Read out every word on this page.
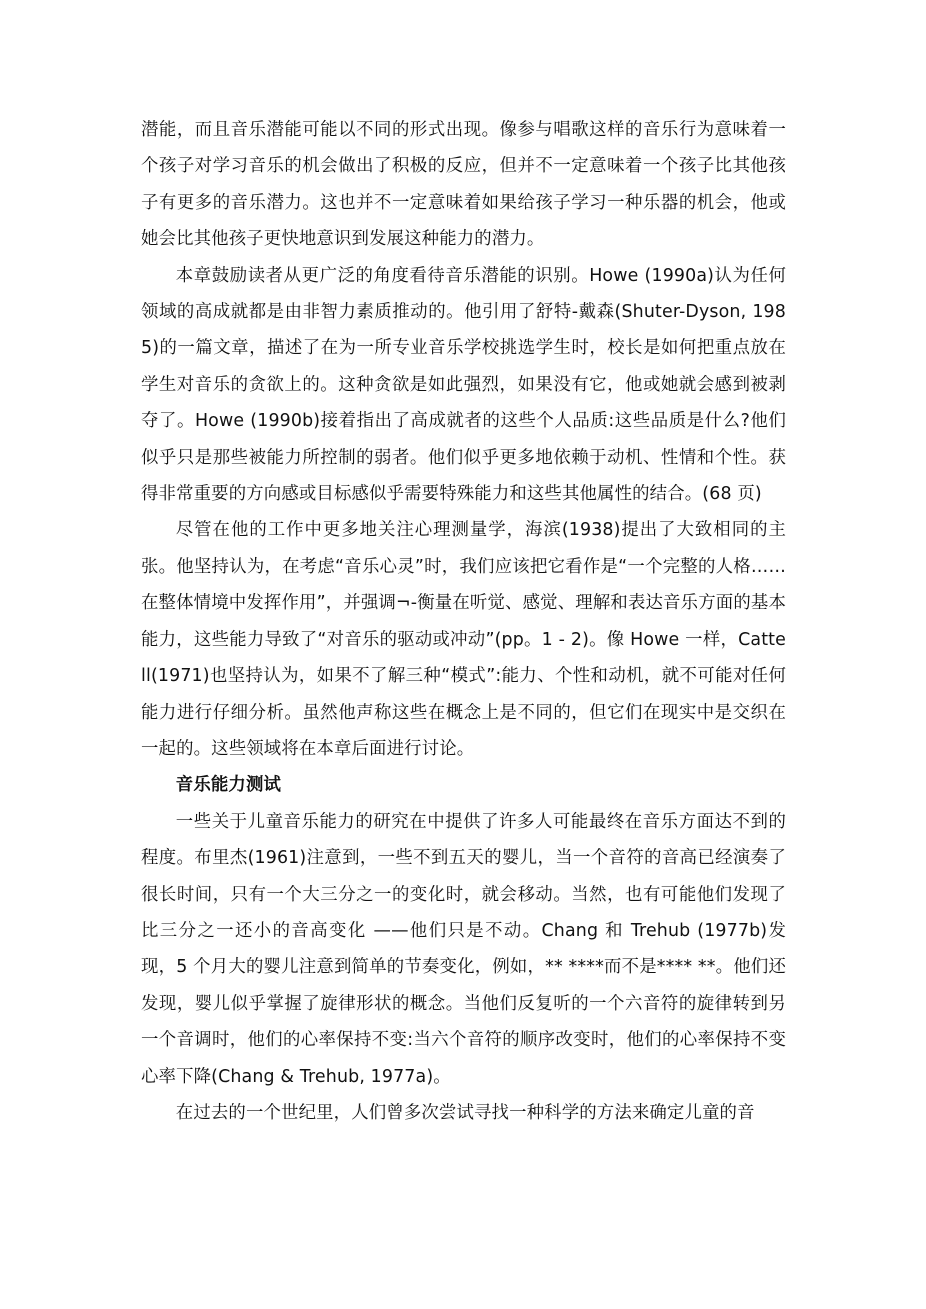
潜能，而且音乐潜能可能以不同的形式出现。像参与唱歌这样的音乐行为意味着一个孩子对学习音乐的机会做出了积极的反应，但并不一定意味着一个孩子比其他孩子有更多的音乐潜力。这也并不一定意味着如果给孩子学习一种乐器的机会，他或她会比其他孩子更快地意识到发展这种能力的潜力。

本章鼓励读者从更广泛的角度看待音乐潜能的识别。Howe (1990a)认为任何领域的高成就都是由非智力素质推动的。他引用了舒特-戴森(Shuter-Dyson, 1985)的一篇文章，描述了在为一所专业音乐学校挑选学生时，校长是如何把重点放在学生对音乐的贪欲上的。这种贪欲是如此强烈，如果没有它，他或她就会感到被剥夺了。Howe (1990b)接着指出了高成就者的这些个人品质:这些品质是什么?他们似乎只是那些被能力所控制的弱者。他们似乎更多地依赖于动机、性情和个性。获得非常重要的方向感或目标感似乎需要特殊能力和这些其他属性的结合。(68 页)

尽管在他的工作中更多地关注心理测量学，海滨(1938)提出了大致相同的主张。他坚持认为，在考虑“音乐心灵”时，我们应该把它看作是“一个完整的人格……在整体情境中发挥作用”，并强调¬-衡量在听觉、感觉、理解和表达音乐方面的基本能力，这些能力导致了“对音乐的驱动或冲动”(pp。1 - 2)。像 Howe 一样，Cattell(1971)也坚持认为，如果不了解三种“模式”:能力、个性和动机，就不可能对任何能力进行仔细分析。虽然他声称这些在概念上是不同的，但它们在现实中是交织在一起的。这些领域将在本章后面进行讨论。

音乐能力测试

一些关于儿童音乐能力的研究在中提供了许多人可能最终在音乐方面达不到的程度。布里杰(1961)注意到，一些不到五天的婴儿，当一个音符的音高已经演奏了很长时间，只有一个大三分之一的变化时，就会移动。当然，也有可能他们发现了比三分之一还小的音高变化 ——他们只是不动。Chang 和 Trehub (1977b)发现，5 个月大的婴儿注意到简单的节奏变化，例如，** ****而不是**** **。他们还发现，婴儿似乎掌握了旋律形状的概念。当他们反复听的一个六音符的旋律转到另一个音调时，他们的心率保持不变:当六个音符的顺序改变时，他们的心率保持不变心率下降(Chang & Trehub, 1977a)。

在过去的一个世纪里，人们曾多次尝试寻找一种科学的方法来确定儿童的音
